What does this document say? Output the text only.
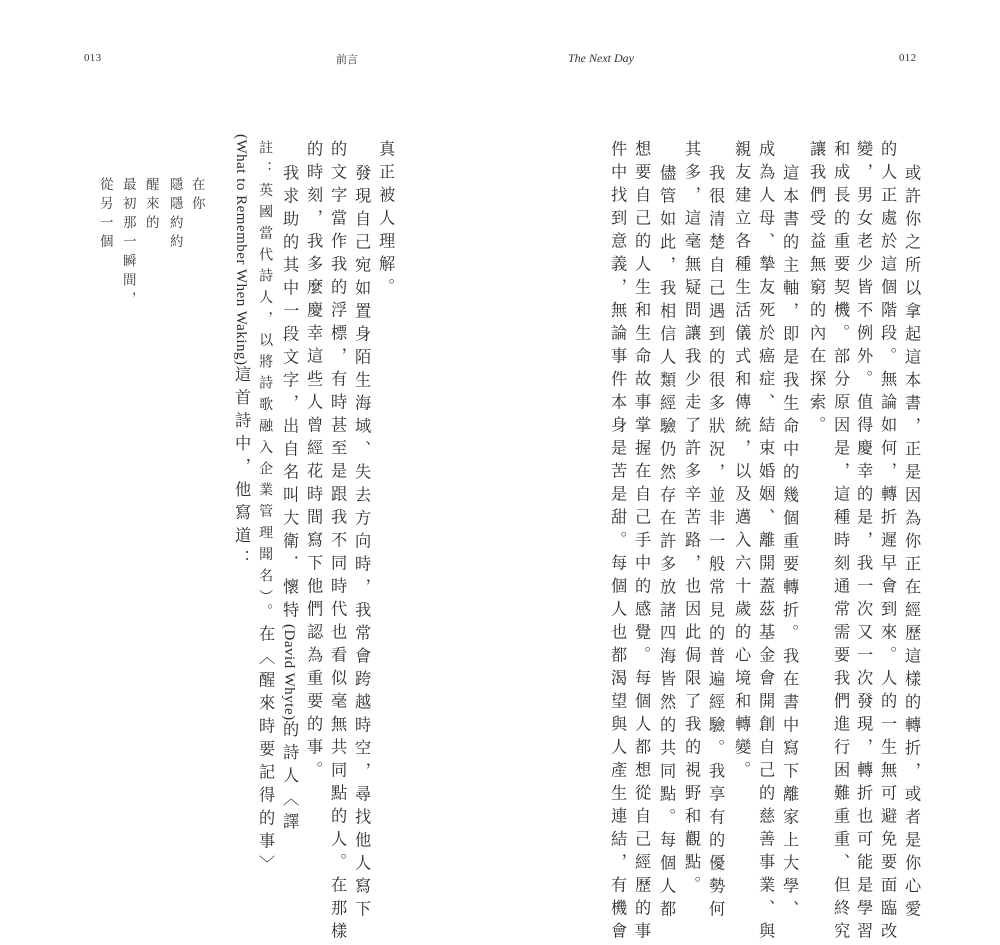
013	前言
真正被人理解。
發現自己宛如置身陌生海域、失去方向時，我常會跨越時空，尋找他人寫下
的文字當作我的浮標，有時甚至是跟我不同時代也看似毫無共同點的人。在那樣
的時刻，我多麼慶幸這些人曾經花時間寫下他們認為重要的事。
我求助的其中一段文字，出自名叫大衛．懷特(David Whyte)的詩人〈譯
註：英國當代詩人，以將詩歌融入企業管理聞名）。在〈醒來時要記得的事〉
(What to Remember When Waking)這首詩中，他寫道：
在你
隱隱約約
醒來的
最初那一瞬間，
從另一個
The Next Day	012
或許你之所以拿起這本書，正是因為你正在經歷這樣的轉折，或者是你心愛
的人正處於這個階段。無論如何，轉折遲早會到來。人的一生無可避免要面臨改
變，男女老少皆不例外。值得慶幸的是，我一次又一次發現，轉折也可能是學習
和成長的重要契機。部分原因是，這種時刻通常需要我們進行困難重重、但終究
讓我們受益無窮的內在探索。
這本書的主軸，即是我生命中的幾個重要轉折。我在書中寫下離家上大學、
成為人母、摯友死於癌症、結束婚姻、離開蓋茲基金會開創自己的慈善事業、與
親友建立各種生活儀式和傳統，以及邁入六十歲的心境和轉變。
我很清楚自己遇到的很多狀況，並非一般常見的普遍經驗。我享有的優勢何
其多，這毫無疑問讓我少走了許多辛苦路，也因此侷限了我的視野和觀點。
儘管如此，我相信人類經驗仍然存在許多放諸四海皆然的共同點。每個人都
想要自己的人生和生命故事掌握在自己手中的感覺。每個人都想從自己經歷的事
件中找到意義，無論事件本身是苦是甜。每個人也都渴望與人產生連結，有機會
